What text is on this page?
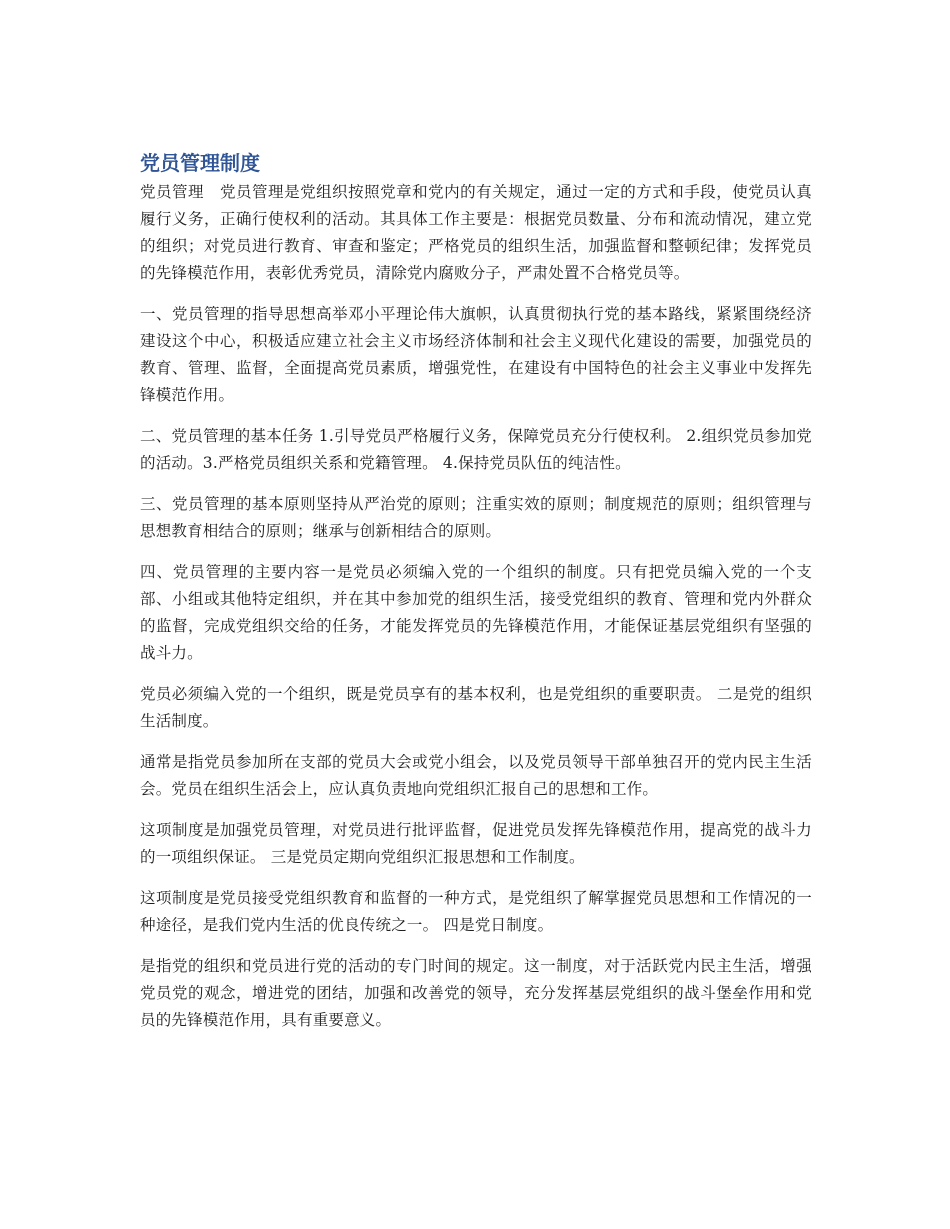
党员管理制度

党员管理　党员管理是党组织按照党章和党内的有关规定，通过一定的方式和手段，使党员认真履行义务，正确行使权利的活动。其具体工作主要是：根据党员数量、分布和流动情况，建立党的组织；对党员进行教育、审查和鉴定；严格党员的组织生活，加强监督和整顿纪律；发挥党员的先锋模范作用，表彰优秀党员，清除党内腐败分子，严肃处置不合格党员等。

一、党员管理的指导思想高举邓小平理论伟大旗帜，认真贯彻执行党的基本路线，紧紧围绕经济建设这个中心，积极适应建立社会主义市场经济体制和社会主义现代化建设的需要，加强党员的教育、管理、监督，全面提高党员素质，增强党性，在建设有中国特色的社会主义事业中发挥先锋模范作用。

二、党员管理的基本任务 1.引导党员严格履行义务，保障党员充分行使权利。 2.组织党员参加党的活动。3.严格党员组织关系和党籍管理。 4.保持党员队伍的纯洁性。

三、党员管理的基本原则坚持从严治党的原则；注重实效的原则；制度规范的原则；组织管理与思想教育相结合的原则；继承与创新相结合的原则。

四、党员管理的主要内容一是党员必须编入党的一个组织的制度。只有把党员编入党的一个支部、小组或其他特定组织，并在其中参加党的组织生活，接受党组织的教育、管理和党内外群众的监督，完成党组织交给的任务，才能发挥党员的先锋模范作用，才能保证基层党组织有坚强的战斗力。

党员必须编入党的一个组织，既是党员享有的基本权利，也是党组织的重要职责。 二是党的组织生活制度。

通常是指党员参加所在支部的党员大会或党小组会，以及党员领导干部单独召开的党内民主生活会。党员在组织生活会上，应认真负责地向党组织汇报自己的思想和工作。

这项制度是加强党员管理，对党员进行批评监督，促进党员发挥先锋模范作用，提高党的战斗力的一项组织保证。 三是党员定期向党组织汇报思想和工作制度。

这项制度是党员接受党组织教育和监督的一种方式，是党组织了解掌握党员思想和工作情况的一种途径，是我们党内生活的优良传统之一。 四是党日制度。

是指党的组织和党员进行党的活动的专门时间的规定。这一制度，对于活跃党内民主生活，增强党员党的观念，增进党的团结，加强和改善党的领导，充分发挥基层党组织的战斗堡垒作用和党员的先锋模范作用，具有重要意义。
